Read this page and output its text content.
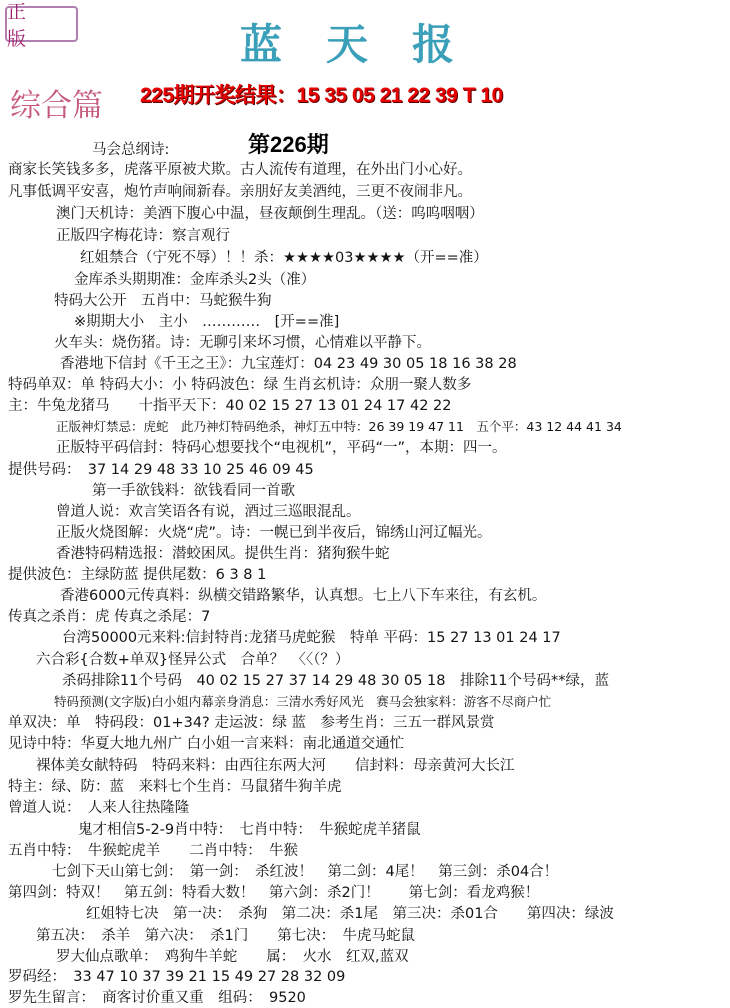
正 版	蓝天报
综合篇 225期开奖结果：15 35 05 21 22 39 T 10
第226期
马会总纲诗:
商家长笑钱多多，虎落平原被犬欺。古人流传有道理，在外出门小心好。
凡事低调平安喜，炮竹声响闹新春。亲朋好友美酒纯，三更不夜闹非凡。
澳门天机诗：美酒下腹心中温，昼夜颠倒生理乱。（送：呜呜咽咽）
正版四字梅花诗：察言观行
红姐禁合（宁死不辱）！！杀：★★★★03★★★★（开==准）
金库杀头期期准：金库杀头2头（准）
特码大公开　五肖中：马蛇猴牛狗
※期期大小　主小　…………　[开==准]
火车头：烧伤猪。诗：无聊引来坏习惯，心情难以平静下。
香港地下信封《千王之王》：九宝莲灯：04 23 49 30 05 18 16 38 28
特码单双：单 特码大小：小 特码波色：绿 生肖玄机诗：众朋一聚人数多
主：牛兔龙猪马　　十指平天下：40 02 15 27 13 01 24 17 42 22
正版神灯禁忌：虎蛇　此乃神灯特码绝杀，神灯五中特：26 39 19 47 11　五个平：43 12 44 41 34
正版特平码信封：特码心想要找个“电视机”，平码“一”，本期：四一。
提供号码：　37 14 29 48 33 10 25 46 09 45
第一手欲钱料：欲钱看同一首歌
曾道人说：欢言笑语各有说，酒过三巡眼混乱。
正版火烧图解：火烧“虎”。诗：一幌已到半夜后，锦绣山河辽幅光。
香港特码精选报：潜蛟困凤。提供生肖：猪狗猴牛蛇
提供波色：主绿防蓝 提供尾数：6 3 8 1
香港6000元传真料：纵横交错路繁华，认真想。七上八下车来往，有玄机。
传真之杀肖：虎 传真之杀尾：7
台湾50000元来料:信封特肖:龙猪马虎蛇猴　特单 平码：15 27 13 01 24 17
六合彩{合数+单双}怪异公式　合单？　〈〈（？）
杀码排除11个号码　40 02 15 27 37 14 29 48 30 05 18　排除11个号码**绿，蓝
特码预测(文字版)白小姐内幕亲身消息：三清水秀好风光　赛马会独家料：游客不尽商户忙
单双决：单　特码段：01+34? 走运波：绿 蓝　参考生肖：三五一群风景赏
见诗中特：华夏大地九州广 白小姐一言来料：南北通道交通忙
裸体美女献特码　特码来料：由西往东两大河　　信封料：母亲黄河大长江
特主：绿、防：蓝　来料七个生肖：马鼠猪牛狗羊虎
曾道人说：　人来人往热隆隆
鬼才相信5-2-9肖中特：　七肖中特：　牛猴蛇虎羊猪鼠
五肖中特：　牛猴蛇虎羊　　二肖中特：　牛猴
七剑下天山第七剑：　第一剑：　杀红波！　第二剑：4尾！　第三剑：杀04合！
第四剑：特双！　第五剑：特看大数！　第六剑：杀2门！　　第七剑：看龙鸡猴！
红姐特七决　第一决：　杀狗　第二决：杀1尾　第三决：杀01合　　第四决：绿波
第五决：　杀羊　第六决：　杀1门　　第七决：　牛虎马蛇鼠
罗大仙点歌单：　鸡狗牛羊蛇　　属：　火水　红双,蓝双
罗码经：　33 47 10 37 39 21 15 49 27 28 32 09
罗先生留言：　商客讨价重又重　组码：　9520
